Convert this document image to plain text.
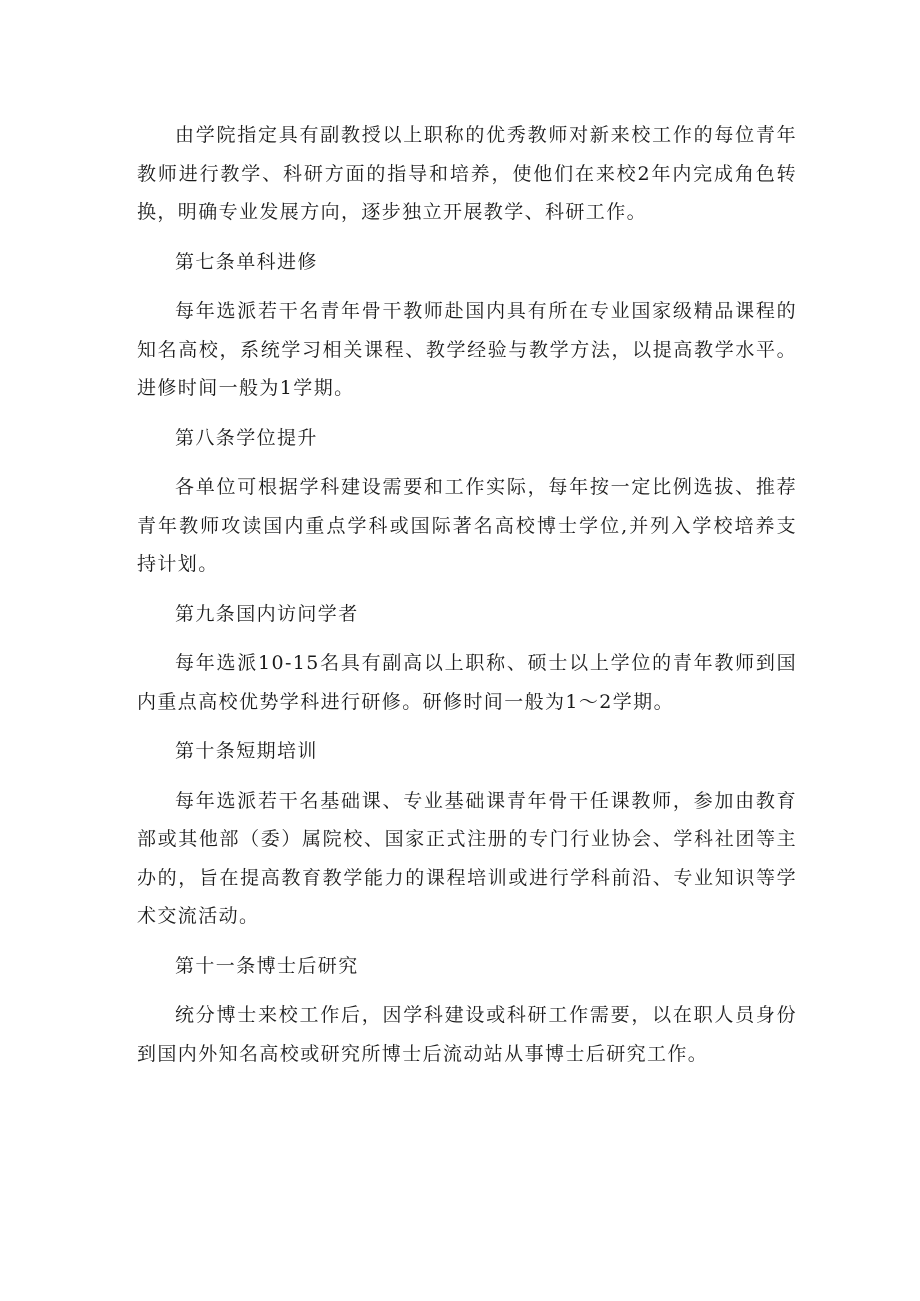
由学院指定具有副教授以上职称的优秀教师对新来校工作的每位青年教师进行教学、科研方面的指导和培养，使他们在来校2年内完成角色转换，明确专业发展方向，逐步独立开展教学、科研工作。

第七条单科进修

每年选派若干名青年骨干教师赴国内具有所在专业国家级精品课程的知名高校，系统学习相关课程、教学经验与教学方法，以提高教学水平。进修时间一般为1学期。

第八条学位提升

各单位可根据学科建设需要和工作实际，每年按一定比例选拔、推荐青年教师攻读国内重点学科或国际著名高校博士学位,并列入学校培养支持计划。

第九条国内访问学者

每年选派10-15名具有副高以上职称、硕士以上学位的青年教师到国内重点高校优势学科进行研修。研修时间一般为1～2学期。

第十条短期培训

每年选派若干名基础课、专业基础课青年骨干任课教师，参加由教育部或其他部（委）属院校、国家正式注册的专门行业协会、学科社团等主办的，旨在提高教育教学能力的课程培训或进行学科前沿、专业知识等学术交流活动。

第十一条博士后研究

统分博士来校工作后，因学科建设或科研工作需要，以在职人员身份到国内外知名高校或研究所博士后流动站从事博士后研究工作。
